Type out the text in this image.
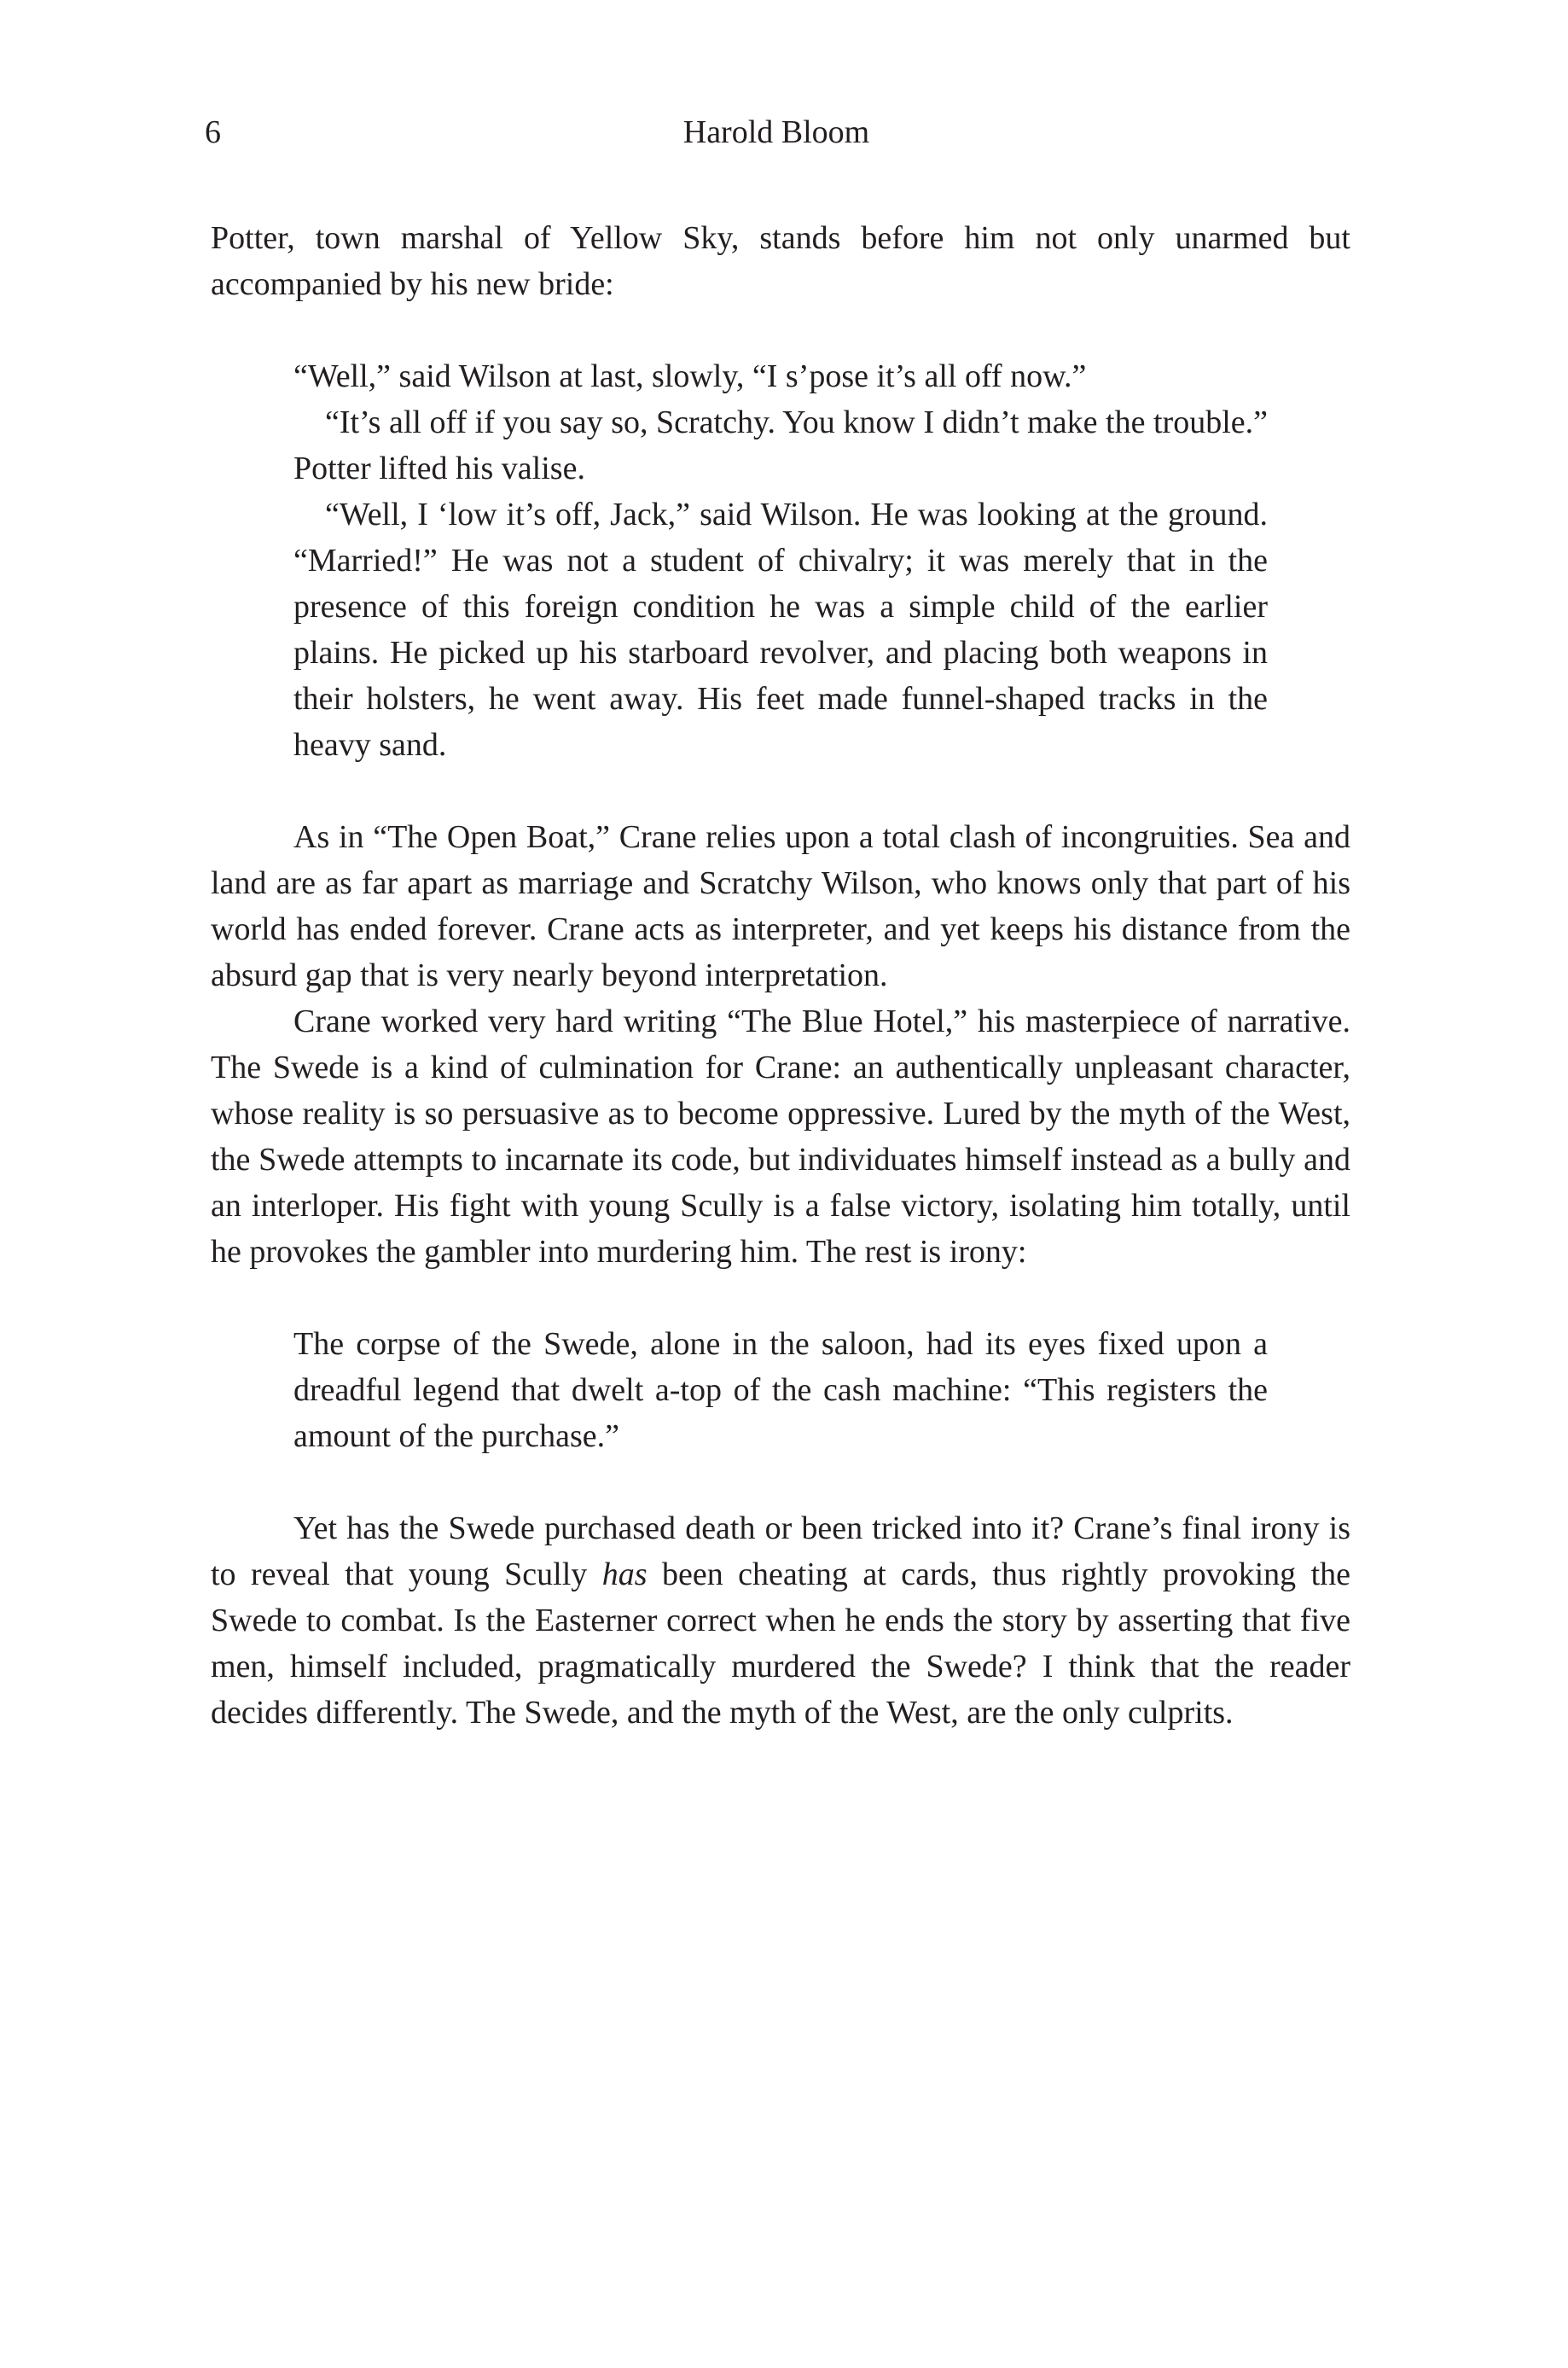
6	Harold Bloom

Potter, town marshal of Yellow Sky, stands before him not only unarmed but accompanied by his new bride:

“Well,” said Wilson at last, slowly, “I s’pose it’s all off now.”

“It’s all off if you say so, Scratchy. You know I didn’t make the trouble.” Potter lifted his valise.

“Well, I ‘low it’s off, Jack,” said Wilson. He was looking at the ground. “Married!” He was not a student of chivalry; it was merely that in the presence of this foreign condition he was a simple child of the earlier plains. He picked up his starboard revolver, and placing both weapons in their holsters, he went away. His feet made funnel-shaped tracks in the heavy sand.

As in “The Open Boat,” Crane relies upon a total clash of incongruities. Sea and land are as far apart as marriage and Scratchy Wilson, who knows only that part of his world has ended forever. Crane acts as interpreter, and yet keeps his distance from the absurd gap that is very nearly beyond interpretation.

Crane worked very hard writing “The Blue Hotel,” his masterpiece of narrative. The Swede is a kind of culmination for Crane: an authentically unpleasant character, whose reality is so persuasive as to become oppressive. Lured by the myth of the West, the Swede attempts to incarnate its code, but individuates himself instead as a bully and an interloper. His fight with young Scully is a false victory, isolating him totally, until he provokes the gambler into murdering him. The rest is irony:

The corpse of the Swede, alone in the saloon, had its eyes fixed upon a dreadful legend that dwelt a-top of the cash machine: “This registers the amount of the purchase.”

Yet has the Swede purchased death or been tricked into it? Crane’s final irony is to reveal that young Scully has been cheating at cards, thus rightly provoking the Swede to combat. Is the Easterner correct when he ends the story by asserting that five men, himself included, pragmatically murdered the Swede? I think that the reader decides differently. The Swede, and the myth of the West, are the only culprits.
